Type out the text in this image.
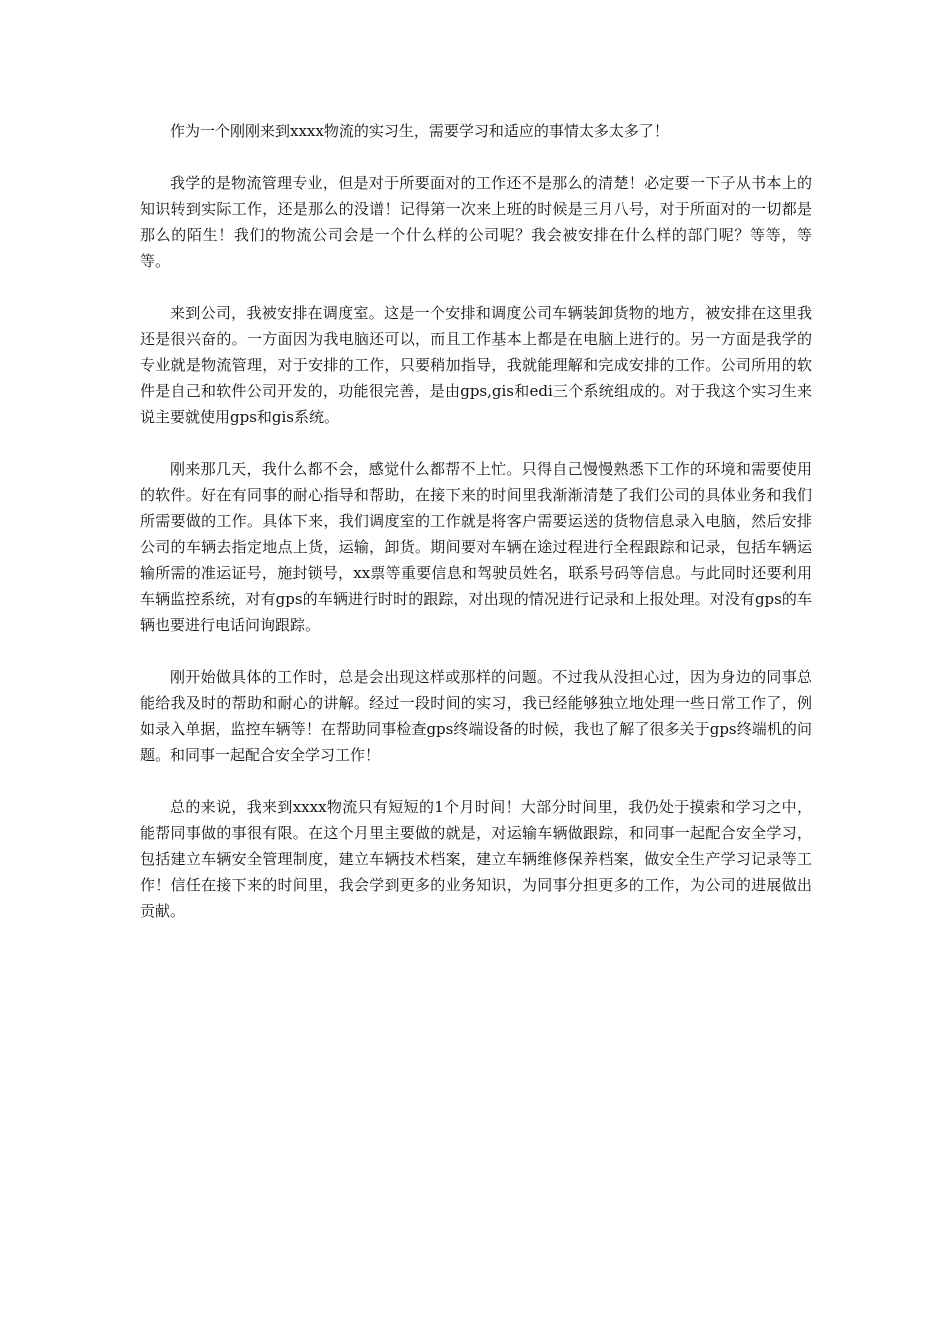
作为一个刚刚来到xxxx物流的实习生，需要学习和适应的事情太多太多了！

我学的是物流管理专业，但是对于所要面对的工作还不是那么的清楚！必定要一下子从书本上的知识转到实际工作，还是那么的没谱！记得第一次来上班的时候是三月八号，对于所面对的一切都是那么的陌生！我们的物流公司会是一个什么样的公司呢？我会被安排在什么样的部门呢？等等，等等。

来到公司，我被安排在调度室。这是一个安排和调度公司车辆装卸货物的地方，被安排在这里我还是很兴奋的。一方面因为我电脑还可以，而且工作基本上都是在电脑上进行的。另一方面是我学的专业就是物流管理，对于安排的工作，只要稍加指导，我就能理解和完成安排的工作。公司所用的软件是自己和软件公司开发的，功能很完善，是由gps,gis和edi三个系统组成的。对于我这个实习生来说主要就使用gps和gis系统。

刚来那几天，我什么都不会，感觉什么都帮不上忙。只得自己慢慢熟悉下工作的环境和需要使用的软件。好在有同事的耐心指导和帮助，在接下来的时间里我渐渐清楚了我们公司的具体业务和我们所需要做的工作。具体下来，我们调度室的工作就是将客户需要运送的货物信息录入电脑，然后安排公司的车辆去指定地点上货，运输，卸货。期间要对车辆在途过程进行全程跟踪和记录，包括车辆运输所需的准运证号，施封锁号，xx票等重要信息和驾驶员姓名，联系号码等信息。与此同时还要利用车辆监控系统，对有gps的车辆进行时时的跟踪，对出现的情况进行记录和上报处理。对没有gps的车辆也要进行电话问询跟踪。

刚开始做具体的工作时，总是会出现这样或那样的问题。不过我从没担心过，因为身边的同事总能给我及时的帮助和耐心的讲解。经过一段时间的实习，我已经能够独立地处理一些日常工作了，例如录入单据，监控车辆等！在帮助同事检查gps终端设备的时候，我也了解了很多关于gps终端机的问题。和同事一起配合安全学习工作！

总的来说，我来到xxxx物流只有短短的1个月时间！大部分时间里，我仍处于摸索和学习之中，能帮同事做的事很有限。在这个月里主要做的就是，对运输车辆做跟踪，和同事一起配合安全学习，包括建立车辆安全管理制度，建立车辆技术档案，建立车辆维修保养档案，做安全生产学习记录等工作！信任在接下来的时间里，我会学到更多的业务知识，为同事分担更多的工作，为公司的进展做出贡献。
